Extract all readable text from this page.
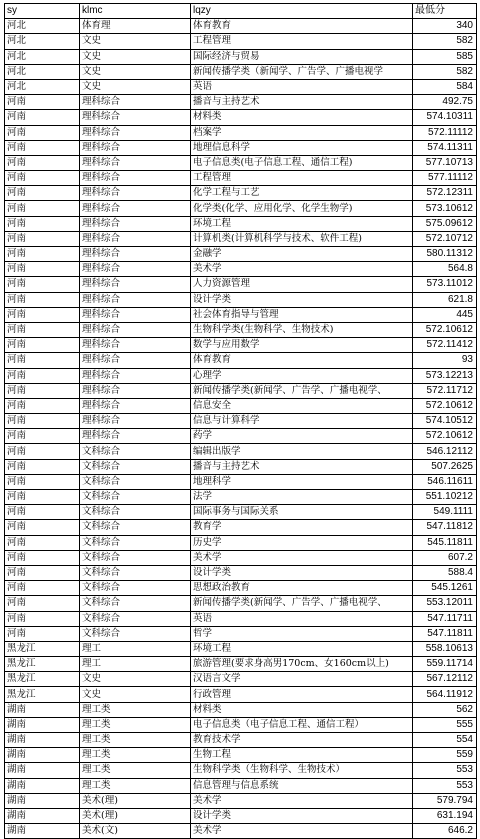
sy	klmc	lqzy	最低分
河北	体育理	体育教育	340
河北	文史	工程管理	582
河北	文史	国际经济与贸易	585
河北	文史	新闻传播学类（新闻学、广告学、广播电视学	582
河北	文史	英语	584
河南	理科综合	播音与主持艺术	492.75
河南	理科综合	材料类	574.10311
河南	理科综合	档案学	572.11112
河南	理科综合	地理信息科学	574.11311
河南	理科综合	电子信息类(电子信息工程、通信工程)	577.10713
河南	理科综合	工程管理	577.11112
河南	理科综合	化学工程与工艺	572.12311
河南	理科综合	化学类(化学、应用化学、化学生物学)	573.10612
河南	理科综合	环境工程	575.09612
河南	理科综合	计算机类(计算机科学与技术、软件工程)	572.10712
河南	理科综合	金融学	580.11312
河南	理科综合	美术学	564.8
河南	理科综合	人力资源管理	573.11012
河南	理科综合	设计学类	621.8
河南	理科综合	社会体育指导与管理	445
河南	理科综合	生物科学类(生物科学、生物技术)	572.10612
河南	理科综合	数学与应用数学	572.11412
河南	理科综合	体育教育	93
河南	理科综合	心理学	573.12213
河南	理科综合	新闻传播学类(新闻学、广告学、广播电视学、	572.11712
河南	理科综合	信息安全	572.10612
河南	理科综合	信息与计算科学	574.10512
河南	理科综合	药学	572.10612
河南	文科综合	编辑出版学	546.12112
河南	文科综合	播音与主持艺术	507.2625
河南	文科综合	地理科学	546.11611
河南	文科综合	法学	551.10212
河南	文科综合	国际事务与国际关系	549.1111
河南	文科综合	教育学	547.11812
河南	文科综合	历史学	545.11811
河南	文科综合	美术学	607.2
河南	文科综合	设计学类	588.4
河南	文科综合	思想政治教育	545.1261
河南	文科综合	新闻传播学类(新闻学、广告学、广播电视学、	553.12011
河南	文科综合	英语	547.11711
河南	文科综合	哲学	547.11811
黑龙江	理工	环境工程	558.10613
黑龙江	理工	旅游管理(要求身高男170cm、女160cm以上)	559.11714
黑龙江	文史	汉语言文学	567.12112
黑龙江	文史	行政管理	564.11912
湖南	理工类	材料类	562
湖南	理工类	电子信息类（电子信息工程、通信工程）	555
湖南	理工类	教育技术学	554
湖南	理工类	生物工程	559
湖南	理工类	生物科学类（生物科学、生物技术）	553
湖南	理工类	信息管理与信息系统	553
湖南	美术(理)	美术学	579.794
湖南	美术(理)	设计学类	631.194
湖南	美术(文)	美术学	646.2
